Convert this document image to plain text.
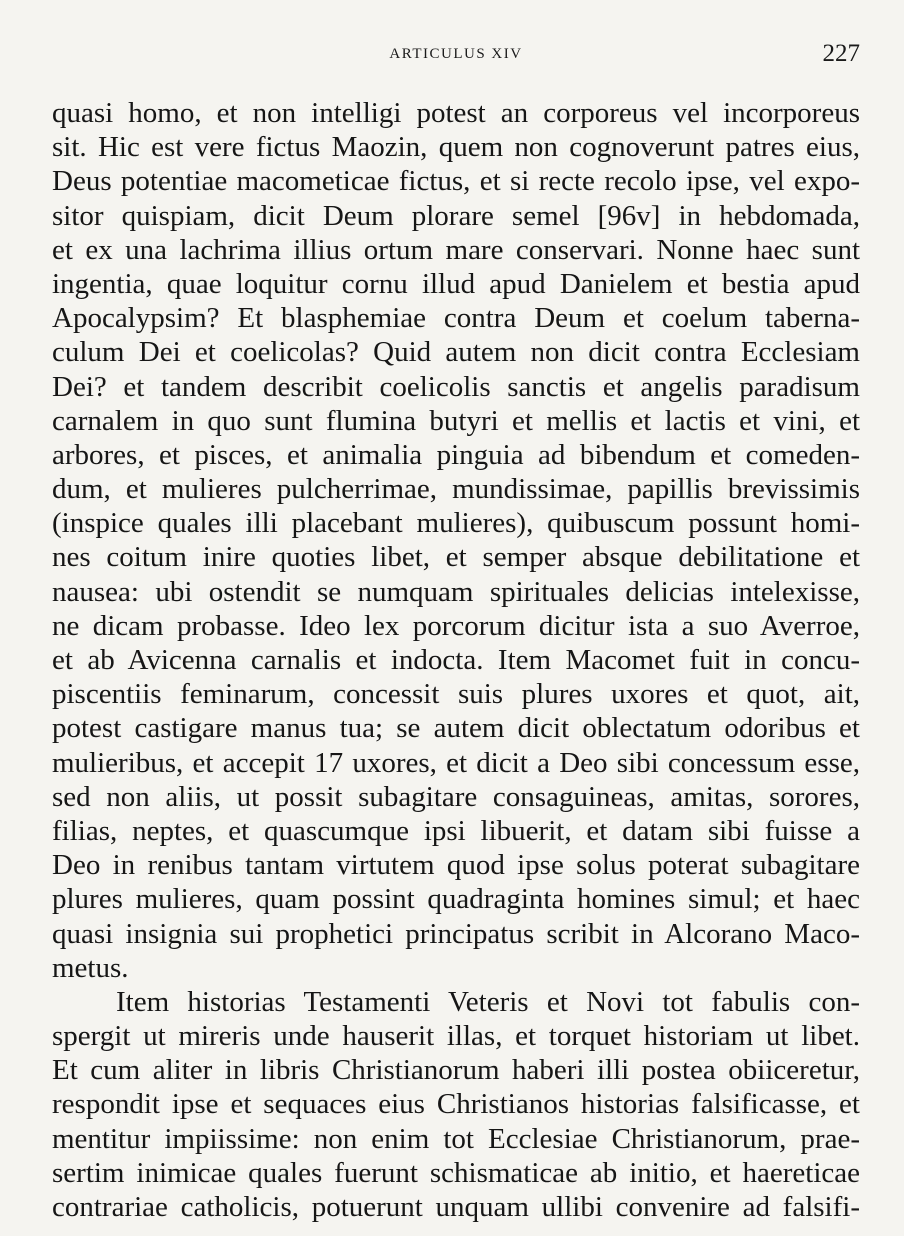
ARTICULUS XIV	227
quasi homo, et non intelligi potest an corporeus vel incorporeus
sit. Hic est vere fictus Maozin, quem non cognoverunt patres eius,
Deus potentiae macometicae fictus, et si recte recolo ipse, vel expo-
sitor quispiam, dicit Deum plorare semel [96v] in hebdomada,
et ex una lachrima illius ortum mare conservari. Nonne haec sunt
ingentia, quae loquitur cornu illud apud Danielem et bestia apud
Apocalypsim? Et blasphemiae contra Deum et coelum taberna-
culum Dei et coelicolas? Quid autem non dicit contra Ecclesiam
Dei? et tandem describit coelicolis sanctis et angelis paradisum
carnalem in quo sunt flumina butyri et mellis et lactis et vini, et
arbores, et pisces, et animalia pinguia ad bibendum et comeden-
dum, et mulieres pulcherrimae, mundissimae, papillis brevissimis
(inspice quales illi placebant mulieres), quibuscum possunt homi-
nes coitum inire quoties libet, et semper absque debilitatione et
nausea: ubi ostendit se numquam spirituales delicias intelexisse,
ne dicam probasse. Ideo lex porcorum dicitur ista a suo Averroe,
et ab Avicenna carnalis et indocta. Item Macomet fuit in concu-
piscentiis feminarum, concessit suis plures uxores et quot, ait,
potest castigare manus tua; se autem dicit oblectatum odoribus et
mulieribus, et accepit 17 uxores, et dicit a Deo sibi concessum esse,
sed non aliis, ut possit subagitare consaguineas, amitas, sorores,
filias, neptes, et quascumque ipsi libuerit, et datam sibi fuisse a
Deo in renibus tantam virtutem quod ipse solus poterat subagitare
plures mulieres, quam possint quadraginta homines simul; et haec
quasi insignia sui prophetici principatus scribit in Alcorano Maco-
metus.
Item historias Testamenti Veteris et Novi tot fabulis con-
spergit ut mireris unde hauserit illas, et torquet historiam ut libet.
Et cum aliter in libris Christianorum haberi illi postea obiiceretur,
respondit ipse et sequaces eius Christianos historias falsificasse, et
mentitur impiissime: non enim tot Ecclesiae Christianorum, prae-
sertim inimicae quales fuerunt schismaticae ab initio, et haereticae
contrariae catholicis, potuerunt unquam ullibi convenire ad falsifi-
